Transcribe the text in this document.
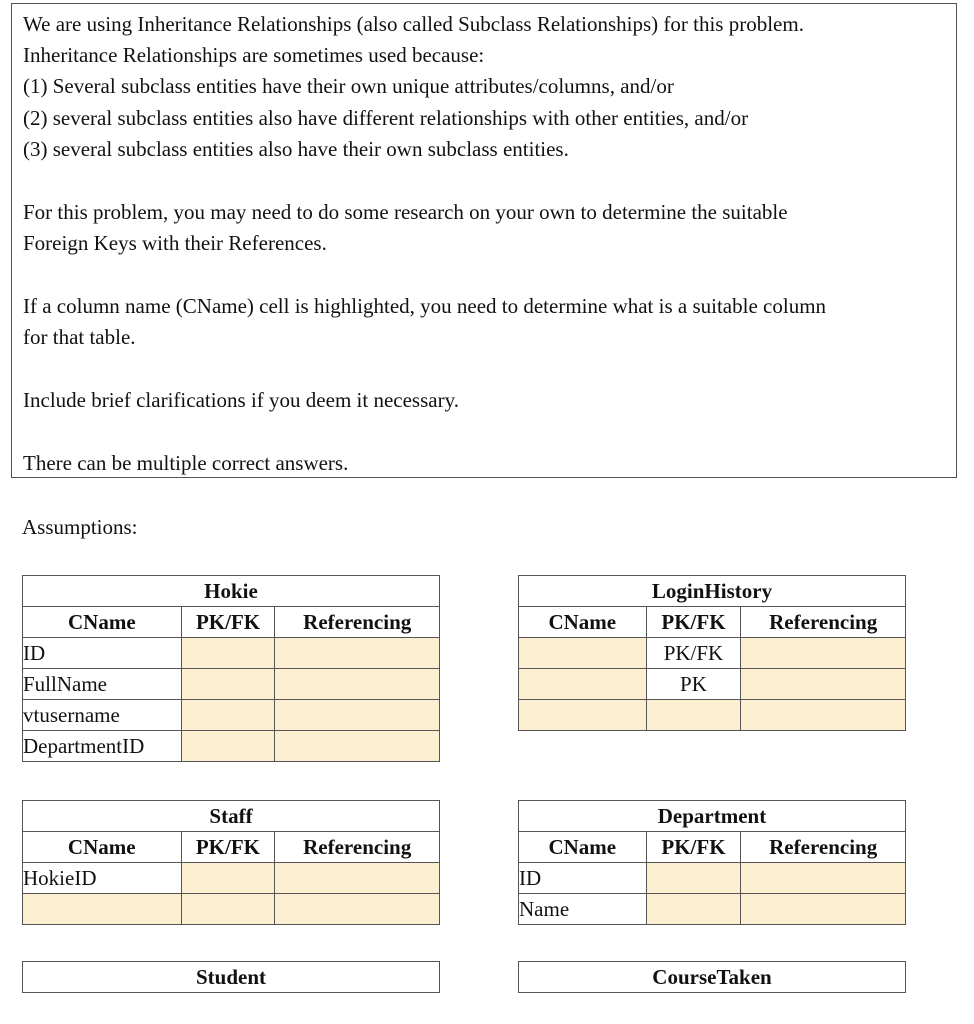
We are using Inheritance Relationships (also called Subclass Relationships) for this problem.
Inheritance Relationships are sometimes used because:
(1) Several subclass entities have their own unique attributes/columns, and/or
(2) several subclass entities also have different relationships with other entities, and/or
(3) several subclass entities also have their own subclass entities.
For this problem, you may need to do some research on your own to determine the suitable
Foreign Keys with their References.
If a column name (CName) cell is highlighted, you need to determine what is a suitable column
for that table.
Include brief clarifications if you deem it necessary.
There can be multiple correct answers.
Assumptions:
Hokie		
CName	PK/FK	Referencing
ID		
FullName		
vtusername		
DepartmentID		
LoginHistory		
CName	PK/FK	Referencing
	PK/FK	
	PK	

Staff		
CName	PK/FK	Referencing
HokieID		

Department		
CName	PK/FK	Referencing
ID		
Name		
Student	CourseTaken
